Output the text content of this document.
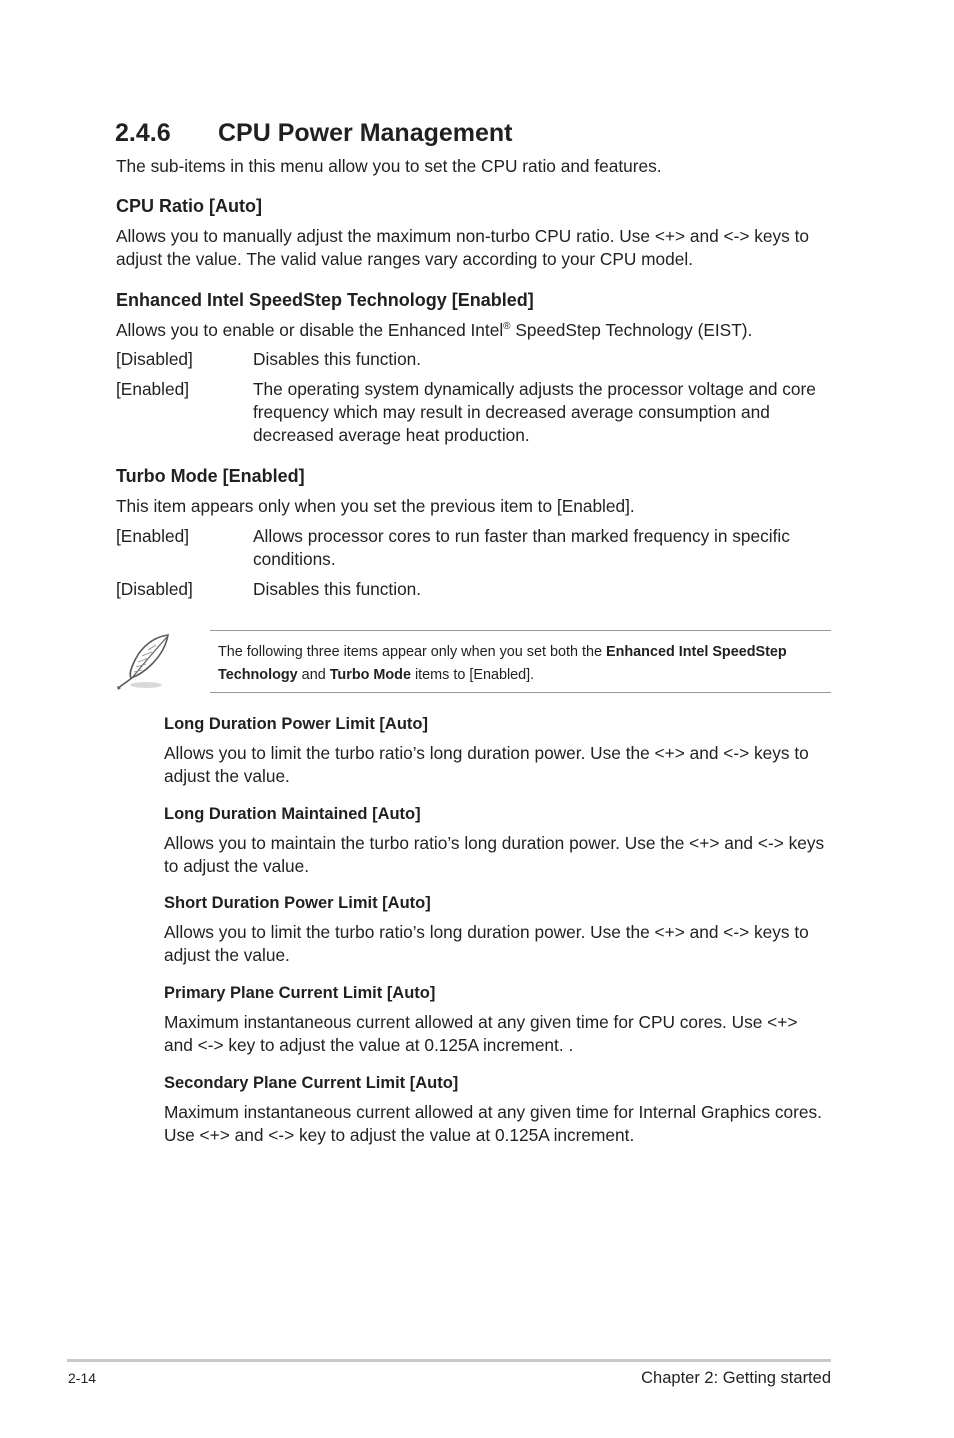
2.4.6 CPU Power Management

The sub-items in this menu allow you to set the CPU ratio and features.

CPU Ratio [Auto]

Allows you to manually adjust the maximum non-turbo CPU ratio. Use <+> and <-> keys to adjust the value. The valid value ranges vary according to your CPU model.

Enhanced Intel SpeedStep Technology [Enabled]

Allows you to enable or disable the Enhanced Intel® SpeedStep Technology (EIST).

[Disabled]	Disables this function.
[Enabled]	The operating system dynamically adjusts the processor voltage and core frequency which may result in decreased average consumption and decreased average heat production.
Turbo Mode [Enabled]

This item appears only when you set the previous item to [Enabled].

[Enabled]	Allows processor cores to run faster than marked frequency in specific conditions.
[Disabled]	Disables this function.

The following three items appear only when you set both the Enhanced Intel SpeedStep Technology and Turbo Mode items to [Enabled].

Long Duration Power Limit [Auto]

Allows you to limit the turbo ratio’s long duration power. Use the <+> and <-> keys to adjust the value.

Long Duration Maintained [Auto]

Allows you to maintain the turbo ratio’s long duration power. Use the <+> and <-> keys to adjust the value.

Short Duration Power Limit [Auto]

Allows you to limit the turbo ratio’s long duration power. Use the <+> and <-> keys to adjust the value.

Primary Plane Current Limit [Auto]

Maximum instantaneous current allowed at any given time for CPU cores. Use <+> and <-> key to adjust the value at 0.125A increment. .

Secondary Plane Current Limit [Auto]

Maximum instantaneous current allowed at any given time for Internal Graphics cores. Use <+> and <-> key to adjust the value at 0.125A increment.

2-14	Chapter 2: Getting started
